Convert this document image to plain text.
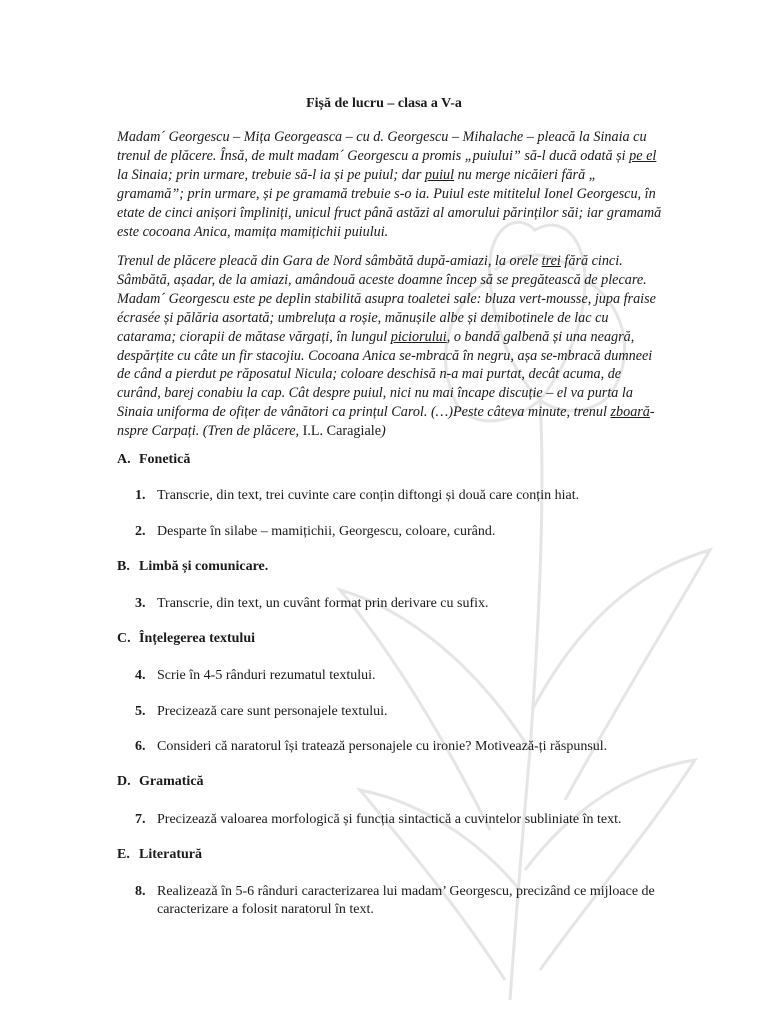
Fișă de lucru – clasa a V-a

Madam´ Georgescu – Mița Georgeasca – cu d. Georgescu – Mihalache – pleacă la Sinaia cu trenul de plăcere. Însă, de mult madam´ Georgescu a promis „puiului” să-l ducă odată și pe el la Sinaia; prin urmare, trebuie să-l ia și pe puiul; dar puiul nu merge nicăieri fără „ gramamă”; prin urmare, și pe gramamă trebuie s-o ia. Puiul este mititelul Ionel Georgescu, în etate de cinci anișori împliniți, unicul fruct până astăzi al amorului părinților săi; iar gramamă este cocoana Anica, mamița mamițichii puiului.

Trenul de plăcere pleacă din Gara de Nord sâmbătă după-amiazi, la orele trei fără cinci. Sâmbătă, așadar, de la amiazi, amândouă aceste doamne încep să se pregătească de plecare. Madam´ Georgescu este pe deplin stabilită asupra toaletei sale: bluza vert-mousse, jupa fraise écrasée și pălăria asortată; umbreluța a roșie, mănușile albe și demibotinele de lac cu catarama; ciorapii de mătase vărgați, în lungul piciorului, o bandă galbenă și una neagră, despărțite cu câte un fir stacojiu. Cocoana Anica se-mbracă în negru, așa se-mbracă dumneei de când a pierdut pe răposatul Nicula; coloare deschisă n-a mai purtat, decât acuma, de curând, barej conabiu la cap. Cât despre puiul, nici nu mai încape discuție – el va purta la Sinaia uniforma de ofițer de vânători ca prințul Carol. (…)Peste câteva minute, trenul zboară-nspre Carpați. (Tren de plăcere, I.L. Caragiale)

A. Fonetică
1. Transcrie, din text, trei cuvinte care conțin diftongi și două care conțin hiat.
2. Desparte în silabe – mamițichii, Georgescu, coloare, curând.
B. Limbă și comunicare.
3. Transcrie, din text, un cuvânt format prin derivare cu sufix.
C. Înțelegerea textului
4. Scrie în 4-5 rânduri rezumatul textului.
5. Precizează care sunt personajele textului.
6. Consideri că naratorul își tratează personajele cu ironie? Motivează-ți răspunsul.
D. Gramatică
7. Precizează valoarea morfologică și funcția sintactică a cuvintelor subliniate în text.
E. Literatură
8. Realizează în 5-6 rânduri caracterizarea lui madam’ Georgescu, precizând ce mijloace de caracterizare a folosit naratorul în text.
